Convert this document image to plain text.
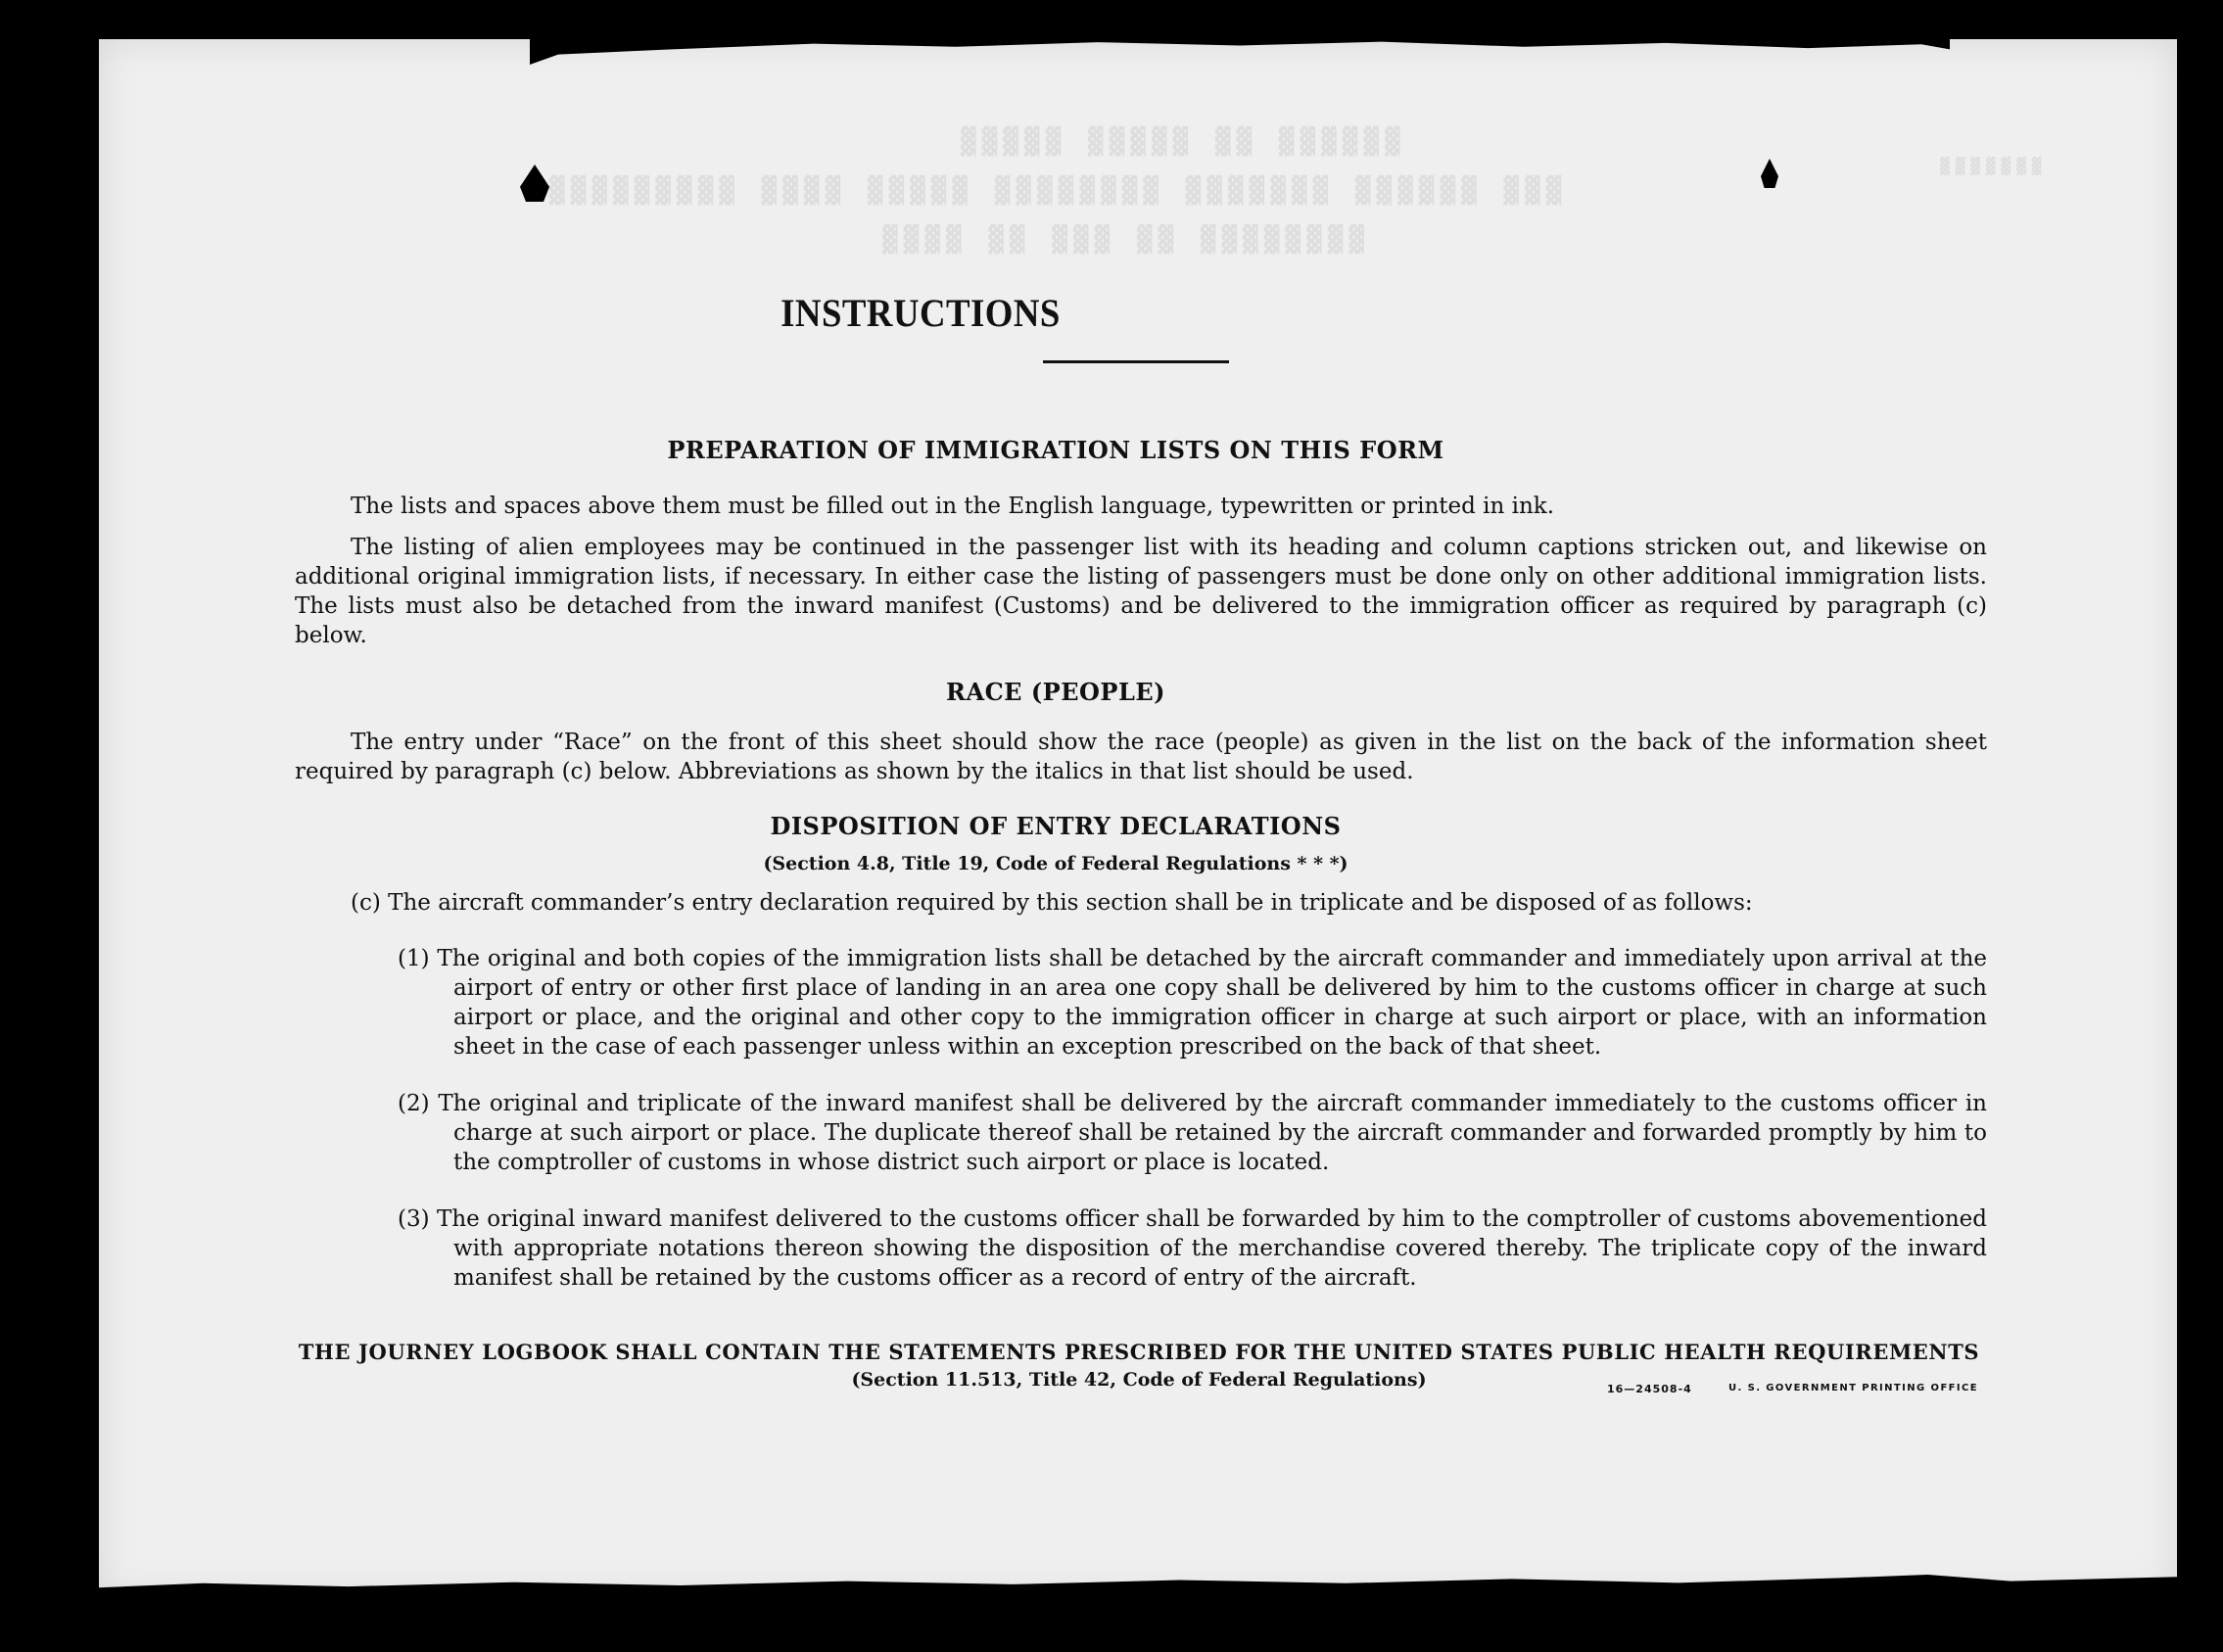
▓▓▓▓▓ ▓▓▓▓▓ ▓▓ ▓▓▓▓▓▓
▓▓▓▓▓▓▓▓▓ ▓▓▓▓ ▓▓▓▓▓ ▓▓▓▓▓▓▓▓ ▓▓▓▓▓▓▓ ▓▓▓▓▓▓ ▓▓▓
▓▓▓▓ ▓▓ ▓▓▓ ▓▓ ▓▓▓▓▓▓▓▓
▓▓▓▓▓▓▓
INSTRUCTIONS
PREPARATION OF IMMIGRATION LISTS ON THIS FORM
The lists and spaces above them must be filled out in the English language, typewritten or printed in ink.
The listing of alien employees may be continued in the passenger list with its heading and column captions stricken out, and likewise on additional original immigration lists, if necessary. In either case the listing of passengers must be done only on other additional immigration lists. The lists must also be detached from the inward manifest (Customs) and be delivered to the immigration officer as required by paragraph (c) below.
RACE (PEOPLE)
The entry under “Race” on the front of this sheet should show the race (people) as given in the list on the back of the information sheet required by paragraph (c) below. Abbreviations as shown by the italics in that list should be used.
DISPOSITION OF ENTRY DECLARATIONS
(Section 4.8, Title 19, Code of Federal Regulations * * *)
(c) The aircraft commander’s entry declaration required by this section shall be in triplicate and be disposed of as follows:
(1) The original and both copies of the immigration lists shall be detached by the aircraft commander and immediately upon arrival at the airport of entry or other first place of landing in an area one copy shall be delivered by him to the customs officer in charge at such airport or place, and the original and other copy to the immigration officer in charge at such airport or place, with an information sheet in the case of each passenger unless within an exception prescribed on the back of that sheet.
(2) The original and triplicate of the inward manifest shall be delivered by the aircraft commander immediately to the customs officer in charge at such airport or place. The duplicate thereof shall be retained by the aircraft commander and forwarded promptly by him to the comptroller of customs in whose district such airport or place is located.
(3) The original inward manifest delivered to the customs officer shall be forwarded by him to the comptroller of customs abovementioned with appropriate notations thereon showing the disposition of the merchandise covered thereby. The triplicate copy of the inward manifest shall be retained by the customs officer as a record of entry of the aircraft.
THE JOURNEY LOGBOOK SHALL CONTAIN THE STATEMENTS PRESCRIBED FOR THE UNITED STATES PUBLIC HEALTH REQUIREMENTS
(Section 11.513, Title 42, Code of Federal Regulations)	16—24508-4	U. S. GOVERNMENT PRINTING OFFICE
